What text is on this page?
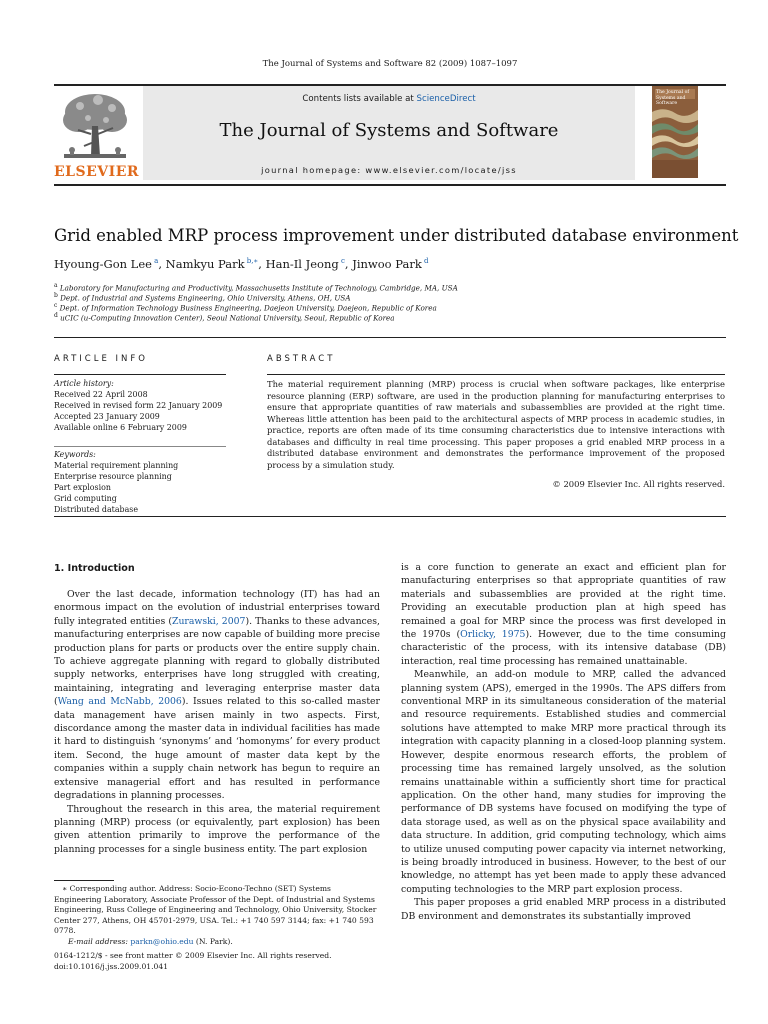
The Journal of Systems and Software 82 (2009) 1087–1097
ELSEVIER
Contents lists available at ScienceDirect
The Journal of Systems and Software
journal homepage: www.elsevier.com/locate/jss
The Journal of Systems and Software
Grid enabled MRP process improvement under distributed database environment
Hyoung-Gon Lee $^a$, Namkyu Park $^{b,∗}$, Han-Il Jeong $^c$, Jinwoo Park $^d$
$^a$ Laboratory for Manufacturing and Productivity, Massachusetts Institute of Technology, Cambridge, MA, USA
$^b$ Dept. of Industrial and Systems Engineering, Ohio University, Athens, OH, USA
$^c$ Dept. of Information Technology Business Engineering, Daejeon University, Daejeon, Republic of Korea
$^d$ uCIC (u-Computing Innovation Center), Seoul National University, Seoul, Republic of Korea
ARTICLE INFO
Article history:
Received 22 April 2008
Received in revised form 22 January 2009
Accepted 23 January 2009
Available online 6 February 2009
Keywords:
Material requirement planning
Enterprise resource planning
Part explosion
Grid computing
Distributed database
ABSTRACT
The material requirement planning (MRP) process is crucial when software packages, like enterprise resource planning (ERP) software, are used in the production planning for manufacturing enterprises to ensure that appropriate quantities of raw materials and subassemblies are provided at the right time. Whereas little attention has been paid to the architectural aspects of MRP process in academic studies, in practice, reports are often made of its time consuming characteristics due to intensive interactions with databases and difficulty in real time processing. This paper proposes a grid enabled MRP process in a distributed database environment and demonstrates the performance improvement of the proposed process by a simulation study.
© 2009 Elsevier Inc. All rights reserved.
1. Introduction

Over the last decade, information technology (IT) has had an enormous impact on the evolution of industrial enterprises toward fully integrated entities (Zurawski, 2007). Thanks to these advances, manufacturing enterprises are now capable of building more precise production plans for parts or products over the entire supply chain. To achieve aggregate planning with regard to globally distributed supply networks, enterprises have long struggled with creating, maintaining, integrating and leveraging enterprise master data (Wang and McNabb, 2006). Issues related to this so-called master data management have arisen mainly in two aspects. First, discordance among the master data in individual facilities has made it hard to distinguish ‘synonyms’ and ‘homonyms’ for every product item. Second, the huge amount of master data kept by the companies within a supply chain network has begun to require an extensive managerial effort and has resulted in performance degradations in planning processes.

Throughout the research in this area, the material requirement planning (MRP) process (or equivalently, part explosion) has been given attention primarily to improve the performance of the planning processes for a single business entity. The part explosion

is a core function to generate an exact and efficient plan for manufacturing enterprises so that appropriate quantities of raw materials and subassemblies are provided at the right time. Providing an executable production plan at high speed has remained a goal for MRP since the process was first developed in the 1970s (Orlicky, 1975). However, due to the time consuming characteristic of the process, with its intensive database (DB) interaction, real time processing has remained unattainable.

Meanwhile, an add-on module to MRP, called the advanced planning system (APS), emerged in the 1990s. The APS differs from conventional MRP in its simultaneous consideration of the material and resource requirements. Established studies and commercial solutions have attempted to make MRP more practical through its integration with capacity planning in a closed-loop planning system. However, despite enormous research efforts, the problem of processing time has remained largely unsolved, as the solution remains unattainable within a sufficiently short time for practical application. On the other hand, many studies for improving the performance of DB systems have focused on modifying the type of data storage used, as well as on the physical space availability and data structure. In addition, grid computing technology, which aims to utilize unused computing power capacity via internet networking, is being broadly introduced in business. However, to the best of our knowledge, no attempt has yet been made to apply these advanced computing technologies to the MRP part explosion process.

This paper proposes a grid enabled MRP process in a distributed DB environment and demonstrates its substantially improved

∗ Corresponding author. Address: Socio-Econo-Techno (SET) Systems Engineering Laboratory, Associate Professor of the Dept. of Industrial and Systems Engineering, Russ College of Engineering and Technology, Ohio University, Stocker Center 277, Athens, OH 45701-2979, USA. Tel.: +1 740 597 3144; fax: +1 740 593 0778.

E-mail address: parkn@ohio.edu (N. Park).

0164-1212/$ - see front matter © 2009 Elsevier Inc. All rights reserved.
doi:10.1016/j.jss.2009.01.041
